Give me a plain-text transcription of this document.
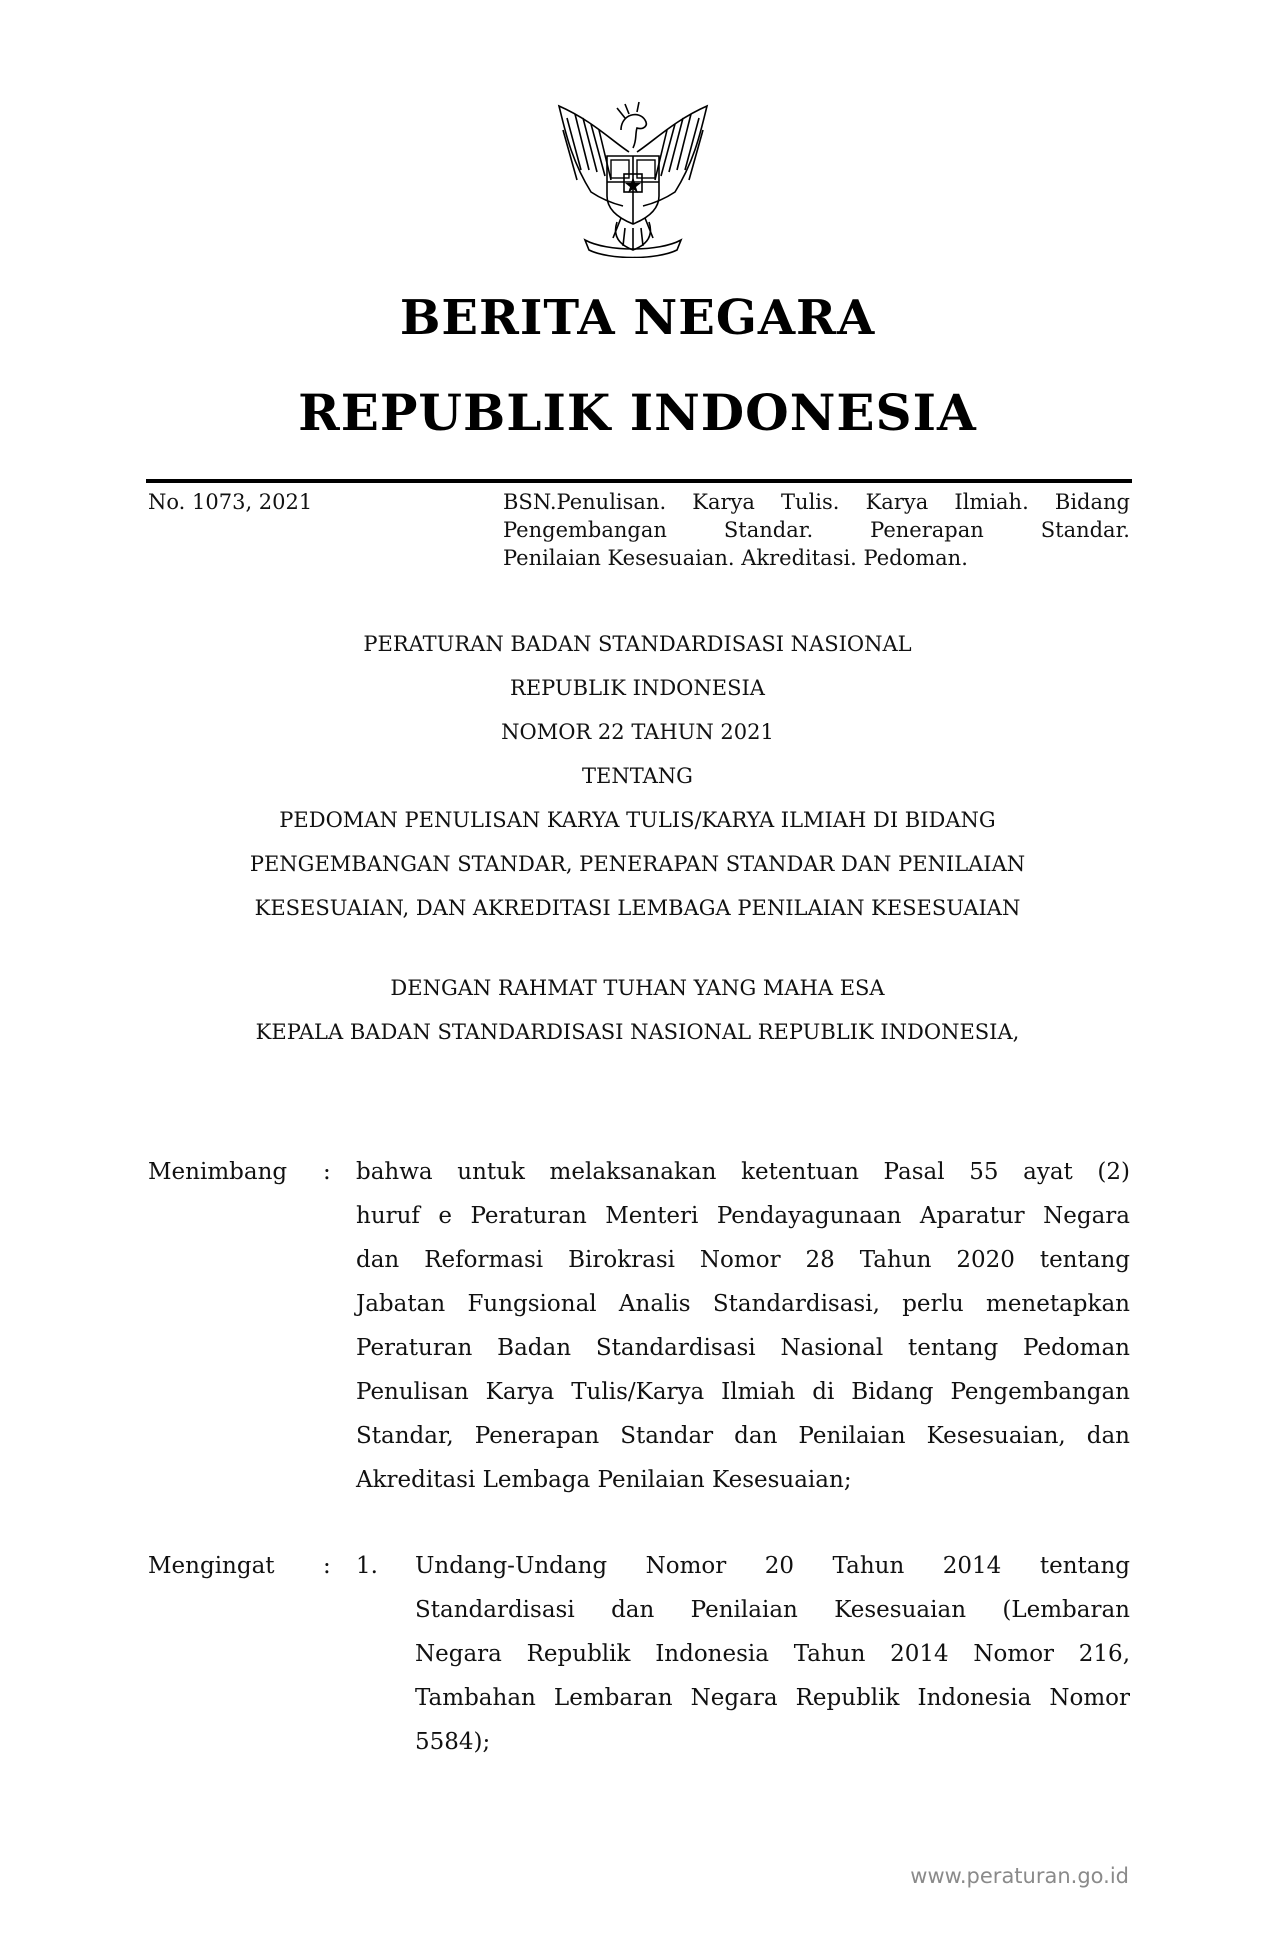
BERITA NEGARA
REPUBLIK INDONESIA
No. 1073, 2021	BSN.Penulisan. Karya Tulis. Karya Ilmiah. Bidang
Pengembangan Standar. Penerapan Standar.
Penilaian Kesesuaian. Akreditasi. Pedoman.
PERATURAN BADAN STANDARDISASI NASIONAL
REPUBLIK INDONESIA
NOMOR 22 TAHUN 2021
TENTANG
PEDOMAN PENULISAN KARYA TULIS/KARYA ILMIAH DI BIDANG
PENGEMBANGAN STANDAR, PENERAPAN STANDAR DAN PENILAIAN
KESESUAIAN, DAN AKREDITASI LEMBAGA PENILAIAN KESESUAIAN
DENGAN RAHMAT TUHAN YANG MAHA ESA
KEPALA BADAN STANDARDISASI NASIONAL REPUBLIK INDONESIA,
Menimbang : bahwa untuk melaksanakan ketentuan Pasal 55 ayat (2)
huruf e Peraturan Menteri Pendayagunaan Aparatur Negara
dan Reformasi Birokrasi Nomor 28 Tahun 2020 tentang
Jabatan Fungsional Analis Standardisasi, perlu menetapkan
Peraturan Badan Standardisasi Nasional tentang Pedoman
Penulisan Karya Tulis/Karya Ilmiah di Bidang Pengembangan
Standar, Penerapan Standar dan Penilaian Kesesuaian, dan
Akreditasi Lembaga Penilaian Kesesuaian;
Mengingat : 1. Undang-Undang Nomor 20 Tahun 2014 tentang
Standardisasi dan Penilaian Kesesuaian (Lembaran
Negara Republik Indonesia Tahun 2014 Nomor 216,
Tambahan Lembaran Negara Republik Indonesia Nomor
5584);
www.peraturan.go.id
